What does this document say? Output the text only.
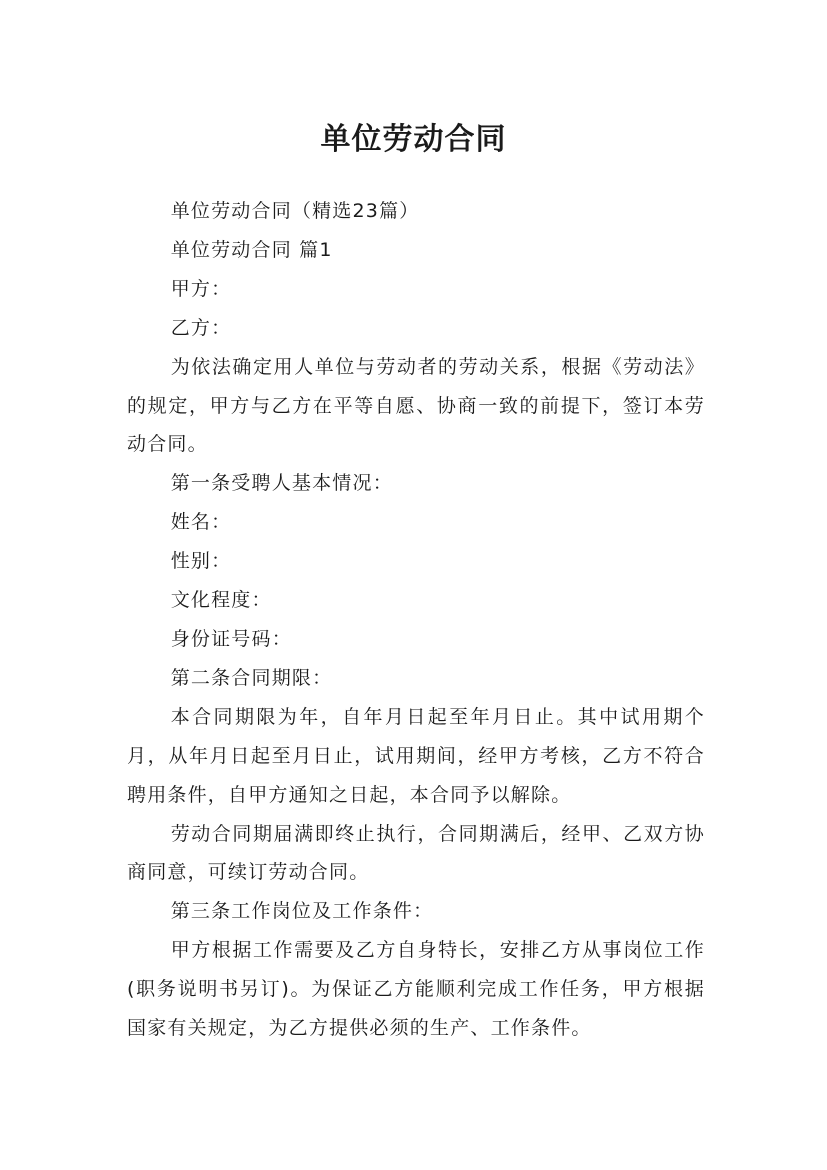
单位劳动合同

单位劳动合同（精选23篇）

单位劳动合同 篇1

甲方：

乙方：

为依法确定用人单位与劳动者的劳动关系，根据《劳动法》的规定，甲方与乙方在平等自愿、协商一致的前提下，签订本劳动合同。

第一条受聘人基本情况：

姓名：

性别：

文化程度：

身份证号码：

第二条合同期限：

本合同期限为年，自年月日起至年月日止。其中试用期个月，从年月日起至月日止，试用期间，经甲方考核，乙方不符合聘用条件，自甲方通知之日起，本合同予以解除。

劳动合同期届满即终止执行，合同期满后，经甲、乙双方协商同意，可续订劳动合同。

第三条工作岗位及工作条件：

甲方根据工作需要及乙方自身特长，安排乙方从事岗位工作(职务说明书另订)。为保证乙方能顺利完成工作任务，甲方根据国家有关规定，为乙方提供必须的生产、工作条件。
